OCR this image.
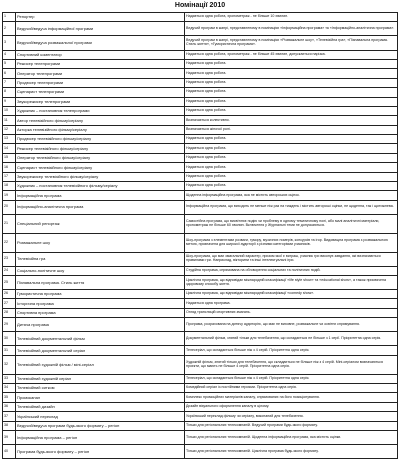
Номінації 2010
1	Репортер	Надається одна робота, хронометраж - не більше 10 хвилин.
2	Ведучий/ведуча інформаційної програми	Ведучий програм в жанрі, представленому в номінаціях «Інформаційна програма» та «Інформаційно-аналітична програма».
3	Ведучий/ведуча розважальної програми	Ведучий програм в жанрі, представленому в номінаціях «Розважальне шоу», «Телевізійна гра», «Пізнавальна програма. Стиль життя», «Гумористична програма».
4	Спортивний коментатор	Надається одна робота, хронометраж - не більше 45 хвилин, допускається нарізка.
5	Режисер телепрограми	Надається одна робота.
6	Оператор телепрограми	Надається одна робота.
7	Продюсер телепрограми	Надається одна робота.
8	Сценарист телепрограми	Надається одна робота.
9	Звукорежисер телепрограми	Надається одна робота.
10	Художник – постановник телепрограми	Надається одна робота.
11	Автор телевізійного фільму/серіалу	Визначається колективно.
12	Акторка телевізійного фільму/серіалу	Визначається жіночої ролі.
13	Продюсер телевізійного фільму/серіалу	Надається одна робота.
14	Режисер телевізійного фільму/серіалу	Надається одна робота.
15	Оператор телевізійного фільму/серіалу	Надається одна робота.
16	Сценарист телевізійного фільму/серіалу	Надається одна робота.
17	Звукорежисер телевізійного фільму/серіалу	Надається одна робота.
18	Художник – постановник телевізійного фільму/серіалу	Надається одна робота.
19	Інформаційна програма	Щоденна інформаційна програма, яка не містить авторських оцінок.
20	Інформаційно-аналітична програма	Інформаційна програма, що виходить не менше ніж раз на тиждень і містить авторські оцінки, не щоденна, так і щотижнева.
21	Спеціальний репортаж	Самостійна програма, що висвітлює подію чи проблему в одному тематичному полі, або малі аналітичні матеріали, хронометраж не більше 60 хвилин. Включення у Журнальні теми не допускаються.
22	Розважальне шоу	Шоу-програма з елементами розваги, гумору, музичних номерів, конкурсів та ігор. Видовищна програма з розважальною метою, призначена для широкої аудиторії з різними категоріями учасників.
23	Телевізійна гра	Шоу-програма, що має змагальний характер, призом якої є виграш, учасник гри виконує завдання, які визначаються правилами гри. Наприклад, вікторини та інші інтелектуальні ігри.
24	Соціально-політичне шоу	Студійна програма, спрямована на обговорення соціальних та політичних подій.
25	Пізнавальна програма. Стиль життя	Циклічна програма, що відповідає міжнародній класифікації «life style show» та «educational show», а також присвячена здоровому способу життя.
26	Гумористична програма	Циклічна програма, що відповідає міжнародній класифікації «comedy show».
27	Історична програма	Надається одна програма.
28	Спортивна програма	Огляд трансляцій спортивних змагань.
29	Дитяча програма	Програма, розрахована на дитячу аудиторію, що має не виховне, розважальне чи освітнє спрямування.
30	Телевізійний документальний фільм	Документальний фільм, знятий тільки для телебачення, що складається не більше з 1 серії. Пріоритетна одна серія.
31	Телевізійний документальний серіал	Телесеріал, що складається більше ніж з 4 серій. Пріоритетна одна серія.
32	Телевізійний художній фільм / міні-серіал	Художній фільм, знятий тільки для телебачення, що складається не більше ніж з 4 серій. Міні-серіалом визначаються проєкти, що мають не більше 4 серій. Пріоритетна одна серія.
33	Телевізійний художній серіал	Телесеріал, що складається більше ніж з 4 серій. Пріоритетна одна серія.
34	Телевізійний ситком	Комедійний серіал із постійними героями. Пріоритетна одна серія.
35	Промоканал	Комплекс промоційних матеріалів каналу, спрямованих на його позиціонування.
36	Телевізійний дизайн	Дизайн візуального оформлення каналу в цілому.
37	Український переклад	Український переклад фільму чи серіалу, виконаний для телебачення.
38	Ведучий/ведуча програми будь-якого формату – регіон	Тільки для регіональних телекомпаній. Ведучий програми будь-якого формату.
39	Інформаційна програма – регіон	Тільки для регіональних телекомпаній. Щоденна інформаційна програма, яка містить оцінки.
40	Програма будь-якого формату – регіон	Тільки для регіональних телекомпаній. Циклічна програма будь-якого формату.
